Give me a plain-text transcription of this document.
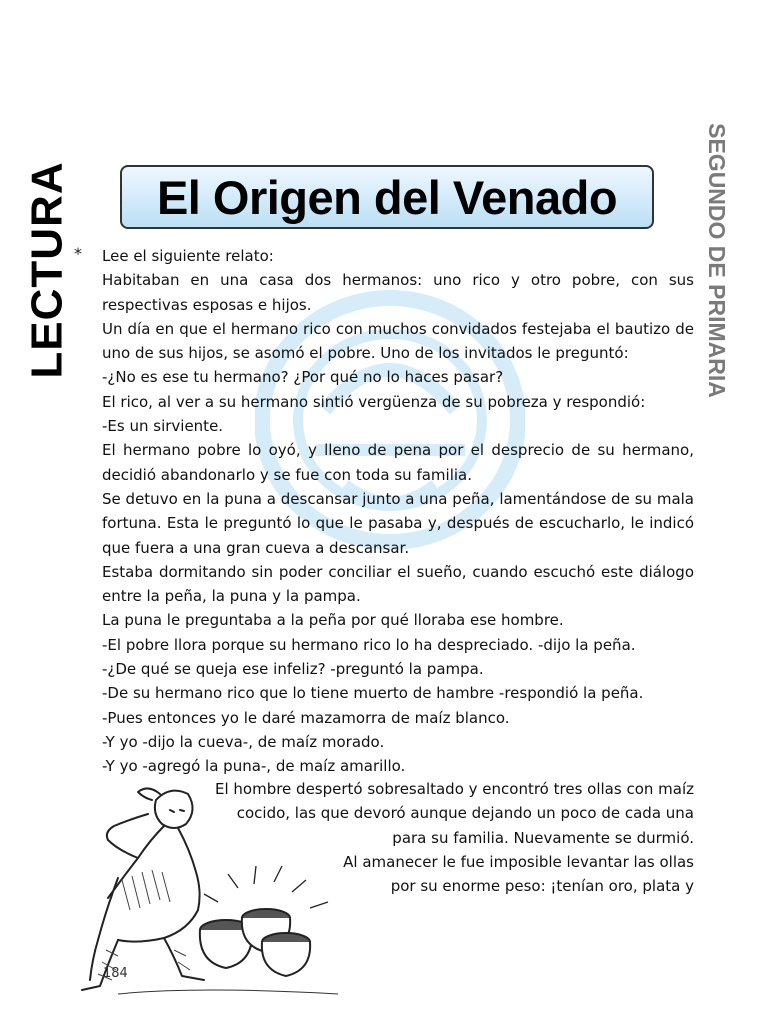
LECTURA	SEGUNDO DE PRIMARIA
El Origen del Venado
* Lee el siguiente relato:

Habitaban en una casa dos hermanos: uno rico y otro pobre, con sus respectivas esposas e hijos.

Un día en que el hermano rico con muchos convidados festejaba el bautizo de uno de sus hijos, se asomó el pobre. Uno de los invitados le preguntó:

-¿No es ese tu hermano? ¿Por qué no lo haces pasar?

El rico, al ver a su hermano sintió vergüenza de su pobreza y respondió:

-Es un sirviente.

El hermano pobre lo oyó, y lleno de pena por el desprecio de su hermano, decidió abandonarlo y se fue con toda su familia.

Se detuvo en la puna a descansar junto a una peña, lamentándose de su mala fortuna. Esta le preguntó lo que le pasaba y, después de escucharlo, le indicó que fuera a una gran cueva a descansar.

Estaba dormitando sin poder conciliar el sueño, cuando escuchó este diálogo entre la peña, la puna y la pampa.

La puna le preguntaba a la peña por qué lloraba ese hombre.

-El pobre llora porque su hermano rico lo ha despreciado. -dijo la peña.

-¿De qué se queja ese infeliz? -preguntó la pampa.

-De su hermano rico que lo tiene muerto de hambre -respondió la peña.

-Pues entonces yo le daré mazamorra de maíz blanco.

-Y yo -dijo la cueva-, de maíz morado.

-Y yo -agregó la puna-, de maíz amarillo.

El hombre despertó sobresaltado y encontró tres ollas con maíz

cocido, las que devoró aunque dejando un poco de cada una

para su familia. Nuevamente se durmió.

Al amanecer le fue imposible levantar las ollas

por su enorme peso: ¡tenían oro, plata y

184
